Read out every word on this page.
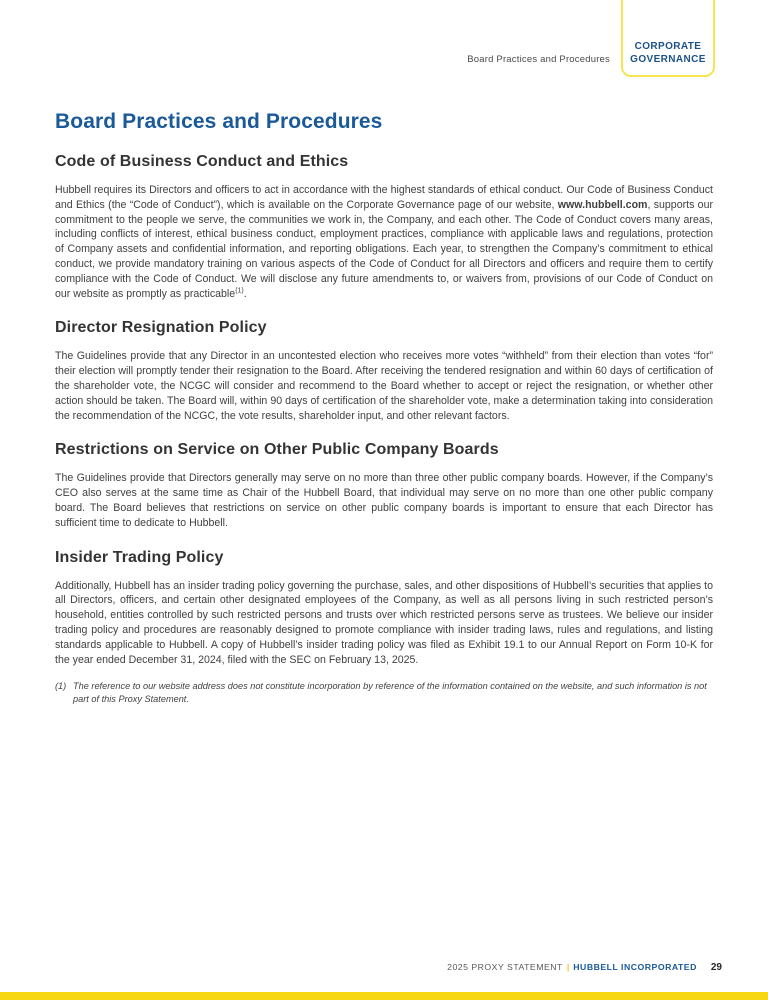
Board Practices and Procedures
CORPORATE
GOVERNANCE
Board Practices and Procedures
Code of Business Conduct and Ethics

Hubbell requires its Directors and officers to act in accordance with the highest standards of ethical conduct. Our Code of Business Conduct and Ethics (the “Code of Conduct”), which is available on the Corporate Governance page of our website, www.hubbell.com, supports our commitment to the people we serve, the communities we work in, the Company, and each other. The Code of Conduct covers many areas, including conflicts of interest, ethical business conduct, employment practices, compliance with applicable laws and regulations, protection of Company assets and confidential information, and reporting obligations. Each year, to strengthen the Company’s commitment to ethical conduct, we provide mandatory training on various aspects of the Code of Conduct for all Directors and officers and require them to certify compliance with the Code of Conduct. We will disclose any future amendments to, or waivers from, provisions of our Code of Conduct on our website as promptly as practicable$^{(1)}$.

Director Resignation Policy

The Guidelines provide that any Director in an uncontested election who receives more votes “withheld” from their election than votes “for” their election will promptly tender their resignation to the Board. After receiving the tendered resignation and within 60 days of certification of the shareholder vote, the NCGC will consider and recommend to the Board whether to accept or reject the resignation, or whether other action should be taken. The Board will, within 90 days of certification of the shareholder vote, make a determination taking into consideration the recommendation of the NCGC, the vote results, shareholder input, and other relevant factors.

Restrictions on Service on Other Public Company Boards

The Guidelines provide that Directors generally may serve on no more than three other public company boards. However, if the Company’s CEO also serves at the same time as Chair of the Hubbell Board, that individual may serve on no more than one other public company board. The Board believes that restrictions on service on other public company boards is important to ensure that each Director has sufficient time to dedicate to Hubbell.

Insider Trading Policy

Additionally, Hubbell has an insider trading policy governing the purchase, sales, and other dispositions of Hubbell’s securities that applies to all Directors, officers, and certain other designated employees of the Company, as well as all persons living in such restricted person’s household, entities controlled by such restricted persons and trusts over which restricted persons serve as trustees. We believe our insider trading policy and procedures are reasonably designed to promote compliance with insider trading laws, rules and regulations, and listing standards applicable to Hubbell. A copy of Hubbell’s insider trading policy was filed as Exhibit 19.1 to our Annual Report on Form 10-K for the year ended December 31, 2024, filed with the SEC on February 13, 2025.

(1) The reference to our website address does not constitute incorporation by reference of the information contained on the website, and such information is not part of this Proxy Statement.
2025 PROXY STATEMENT | HUBBELL INCORPORATED 29
